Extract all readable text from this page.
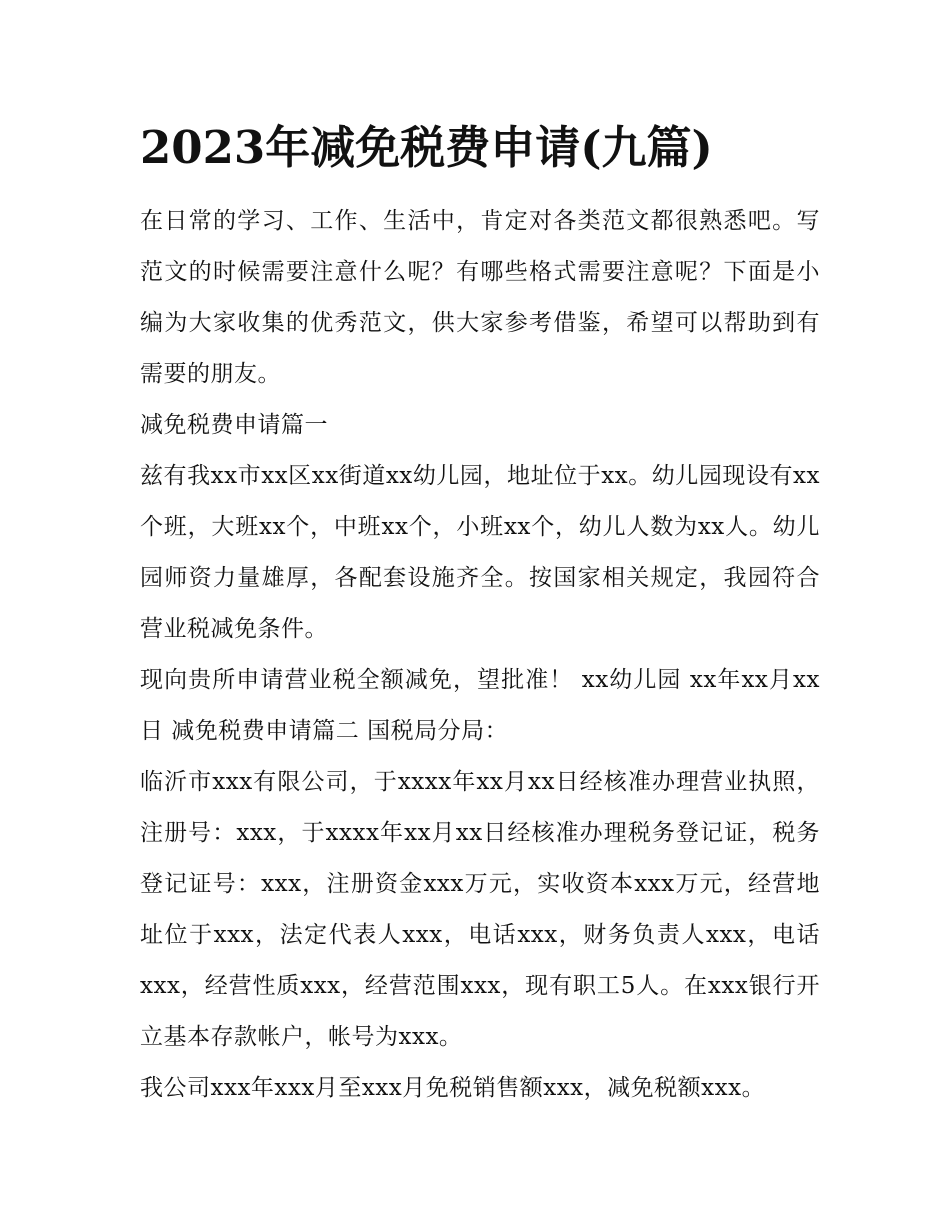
2023年减免税费申请(九篇)

在日常的学习、工作、生活中，肯定对各类范文都很熟悉吧。写范文的时候需要注意什么呢？有哪些格式需要注意呢？下面是小编为大家收集的优秀范文，供大家参考借鉴，希望可以帮助到有需要的朋友。

减免税费申请篇一

兹有我xx市xx区xx街道xx幼儿园，地址位于xx。幼儿园现设有xx个班，大班xx个，中班xx个，小班xx个，幼儿人数为xx人。幼儿园师资力量雄厚，各配套设施齐全。按国家相关规定，我园符合营业税减免条件。

现向贵所申请营业税全额减免，望批准！ xx幼儿园 xx年xx月xx日 减免税费申请篇二 国税局分局：

临沂市xxx有限公司，于xxxx年xx月xx日经核准办理营业执照，注册号：xxx，于xxxx年xx月xx日经核准办理税务登记证，税务登记证号：xxx，注册资金xxx万元，实收资本xxx万元，经营地址位于xxx，法定代表人xxx，电话xxx，财务负责人xxx，电话xxx，经营性质xxx，经营范围xxx，现有职工5人。在xxx银行开立基本存款帐户，帐号为xxx。

我公司xxx年xxx月至xxx月免税销售额xxx，减免税额xxx。
